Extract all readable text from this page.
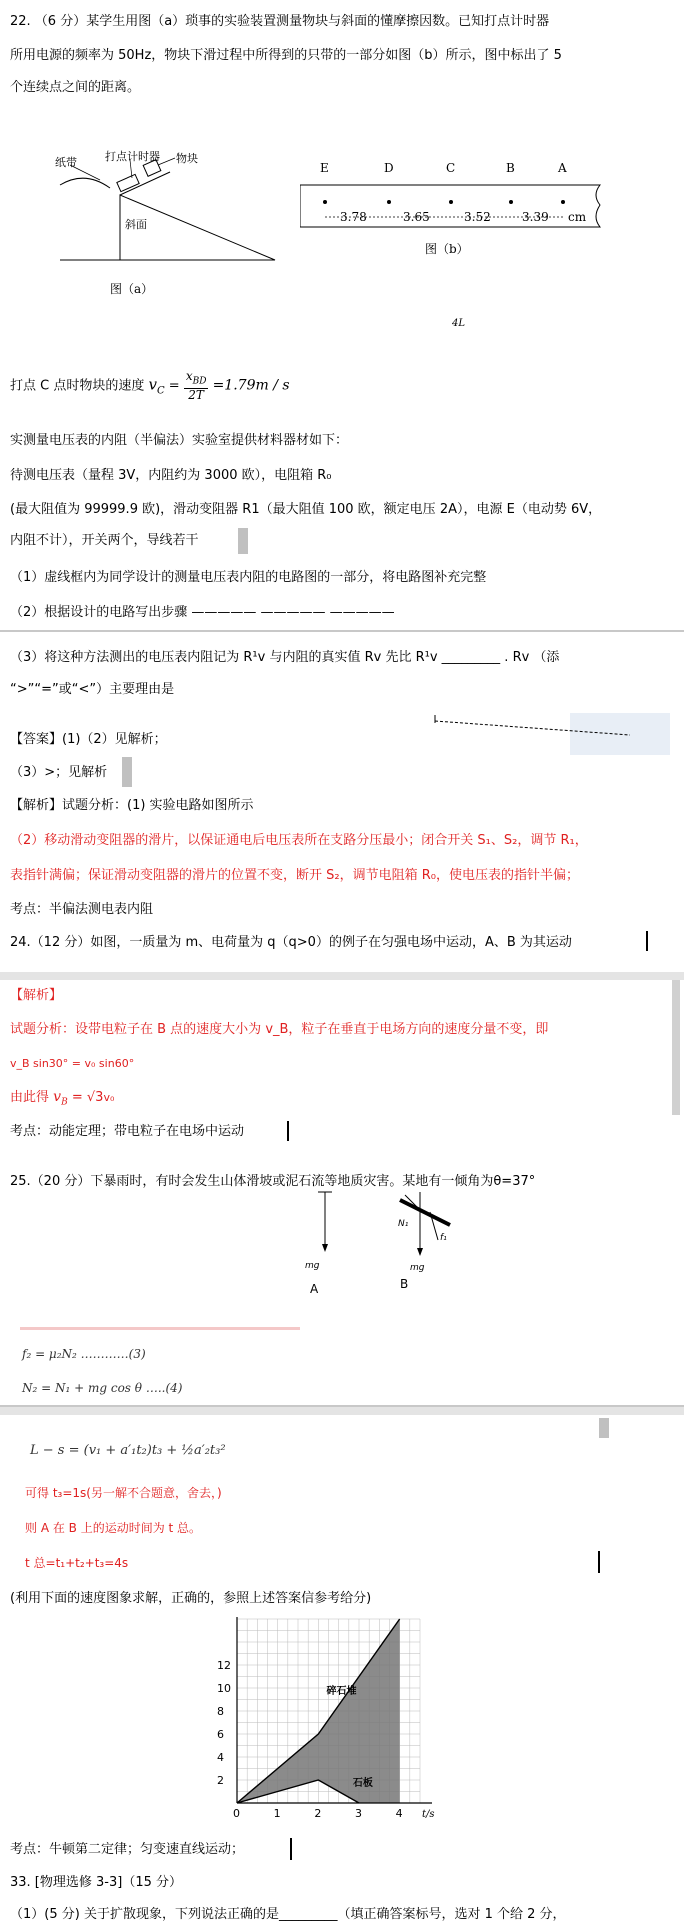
22. （6 分）某学生用图（a）琐事的实验装置测量物块与斜面的懂摩擦因数。已知打点计时器
所用电源的频率为 50Hz，物块下滑过程中所得到的只带的一部分如图（b）所示，图中标出了 5
个连续点之间的距离。
纸带	打点计时器 物块
斜面
图（a）
E	D	C	B	A
3.78	3.65	3.52	3.39 cm
图（b）
4L
打点 C 点时物块的速度 $v_C = \frac{x_{BD}}{2T} =1.79m / s$
实测量电压表的内阻（半偏法）实验室提供材料器材如下：
待测电压表（量程 3V，内阻约为 3000 欧），电阻箱 R₀
(最大阻值为 99999.9 欧)，滑动变阻器 R1（最大阻值 100 欧，额定电压 2A），电源 E（电动势 6V，
内阻不计），开关两个，导线若干
（1）虚线框内为同学设计的测量电压表内阻的电路图的一部分，将电路图补充完整
（2）根据设计的电路写出步骤 ————— ————— —————
（3）将这种方法测出的电压表内阻记为 R¹v 与内阻的真实值 Rv 先比 R¹v _________ . Rv （添
“>”“=”或“<”）主要理由是
【答案】(1)（2）见解析；
（3）>；见解析
【解析】试题分析：(1) 实验电路如图所示
（2）移动滑动变阻器的滑片，以保证通电后电压表所在支路分压最小；闭合开关 S₁、S₂，调节 R₁，
表指针满偏；保证滑动变阻器的滑片的位置不变，断开 S₂，调节电阻箱 R₀，使电压表的指针半偏；
考点：半偏法测电表内阻
24.（12 分）如图，一质量为 m、电荷量为 q（q>0）的例子在匀强电场中运动，A、B 为其运动
【解析】
试题分析：设带电粒子在 B 点的速度大小为 v_B，粒子在垂直于电场方向的速度分量不变，即
v_B sin30° = v₀ sin60°
由此得 $v_B = √3v_0$
考点：动能定理；带电粒子在电场中运动
25.（20 分）下暴雨时，有时会发生山体滑坡或泥石流等地质灾害。某地有一倾角为θ=37°
mg
N₁
f₁
mg
A	B
f₂ = μ₂N₂ …………(3)
N₂ = N₁ + mg cos θ …..(4)
L − s = (v₁ + a′₁t₂)t₃ + ½a′₂t₃²
可得 t₃=1s(另一解不合题意，舍去，)
则 A 在 B 上的运动时间为 t 总。
t 总=t₁+t₂+t₃=4s
(利用下面的速度图象求解，正确的，参照上述答案信参考给分)
0	1	2	3	4
2
4
6
8
10
12
t/s
碎石堆
石板
考点：牛顿第二定律；匀变速直线运动；
33. [物理选修 3-3]（15 分）
（1）(5 分) 关于扩散现象，下列说法正确的是_________（填正确答案标号，选对 1 个给 2 分，
